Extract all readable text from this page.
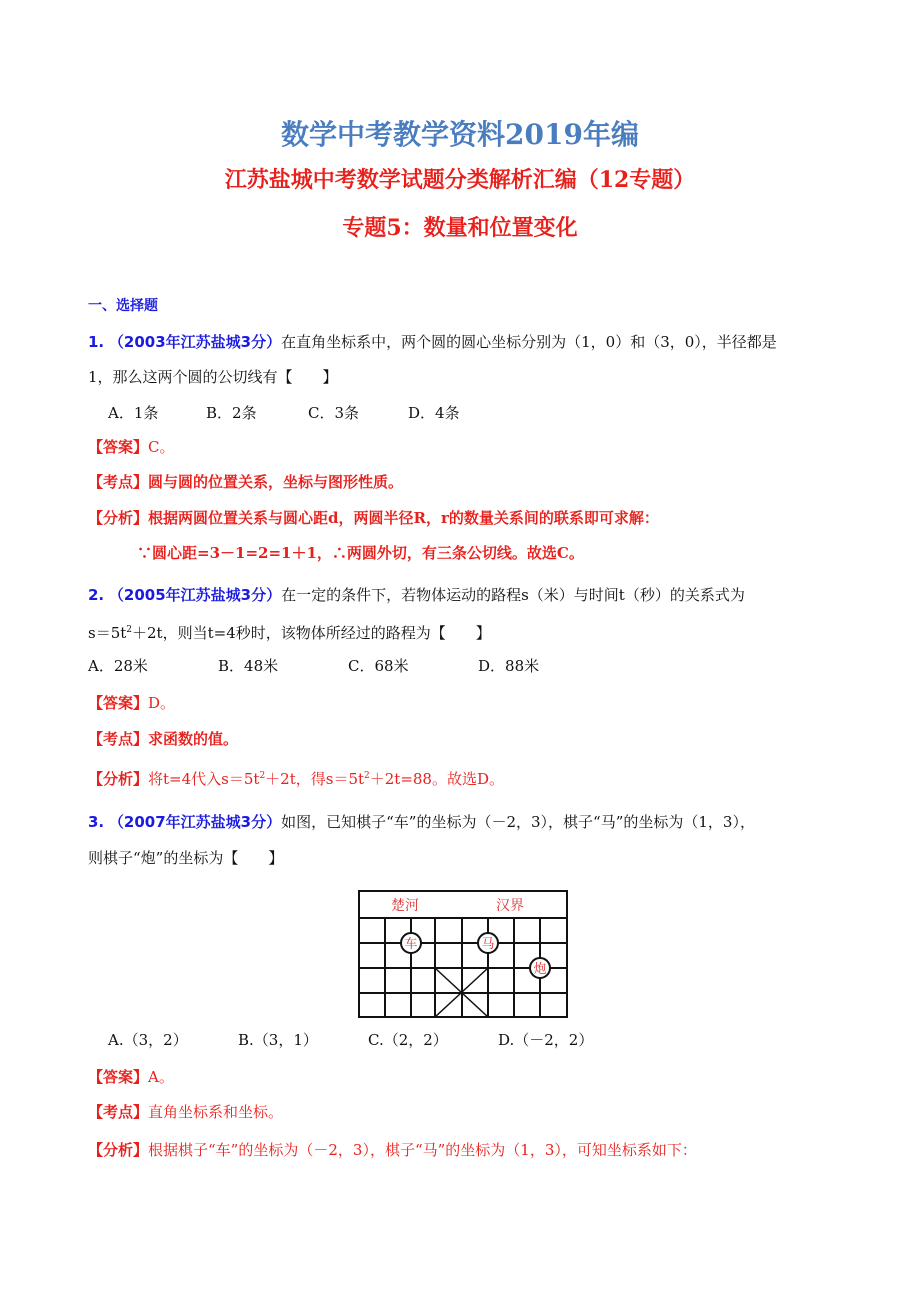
数学中考教学资料2019年编
江苏盐城中考数学试题分类解析汇编（12专题）
专题5：数量和位置变化
一、选择题
1. （2003年江苏盐城3分）在直角坐标系中，两个圆的圆心坐标分别为（1，0）和（3，0），半径都是
1，那么这两个圆的公切线有【　　】
A．1条	B．2条	C．3条	D．4条
【答案】C。
【考点】圆与圆的位置关系，坐标与图形性质。
【分析】根据两圆位置关系与圆心距d，两圆半径R，r的数量关系间的联系即可求解：
∵圆心距=3－1=2=1＋1，∴两圆外切，有三条公切线。故选C。
2. （2005年江苏盐城3分）在一定的条件下，若物体运动的路程s（米）与时间t（秒）的关系式为
$s=5t^2+2t$，则当t=4秒时，该物体所经过的路程为【　　】
A．28米	B．48米	C．68米	D．88米
【答案】D。
【考点】求函数的值。
【分析】将t=4代入$s=5t^2+2t$，得$s=5t^2+2t=88$。故选D。
3. （2007年江苏盐城3分）如图，已知棋子“车”的坐标为（－2，3），棋子“马”的坐标为（1，3），
则棋子“炮”的坐标为【　　】
楚河	汉界
车	马
炮
A.（3，2）	B.（3，1）	C.（2，2）	D.（－2，2）
【答案】A。
【考点】直角坐标系和坐标。
【分析】根据棋子“车”的坐标为（－2，3），棋子“马”的坐标为（1，3），可知坐标系如下：
